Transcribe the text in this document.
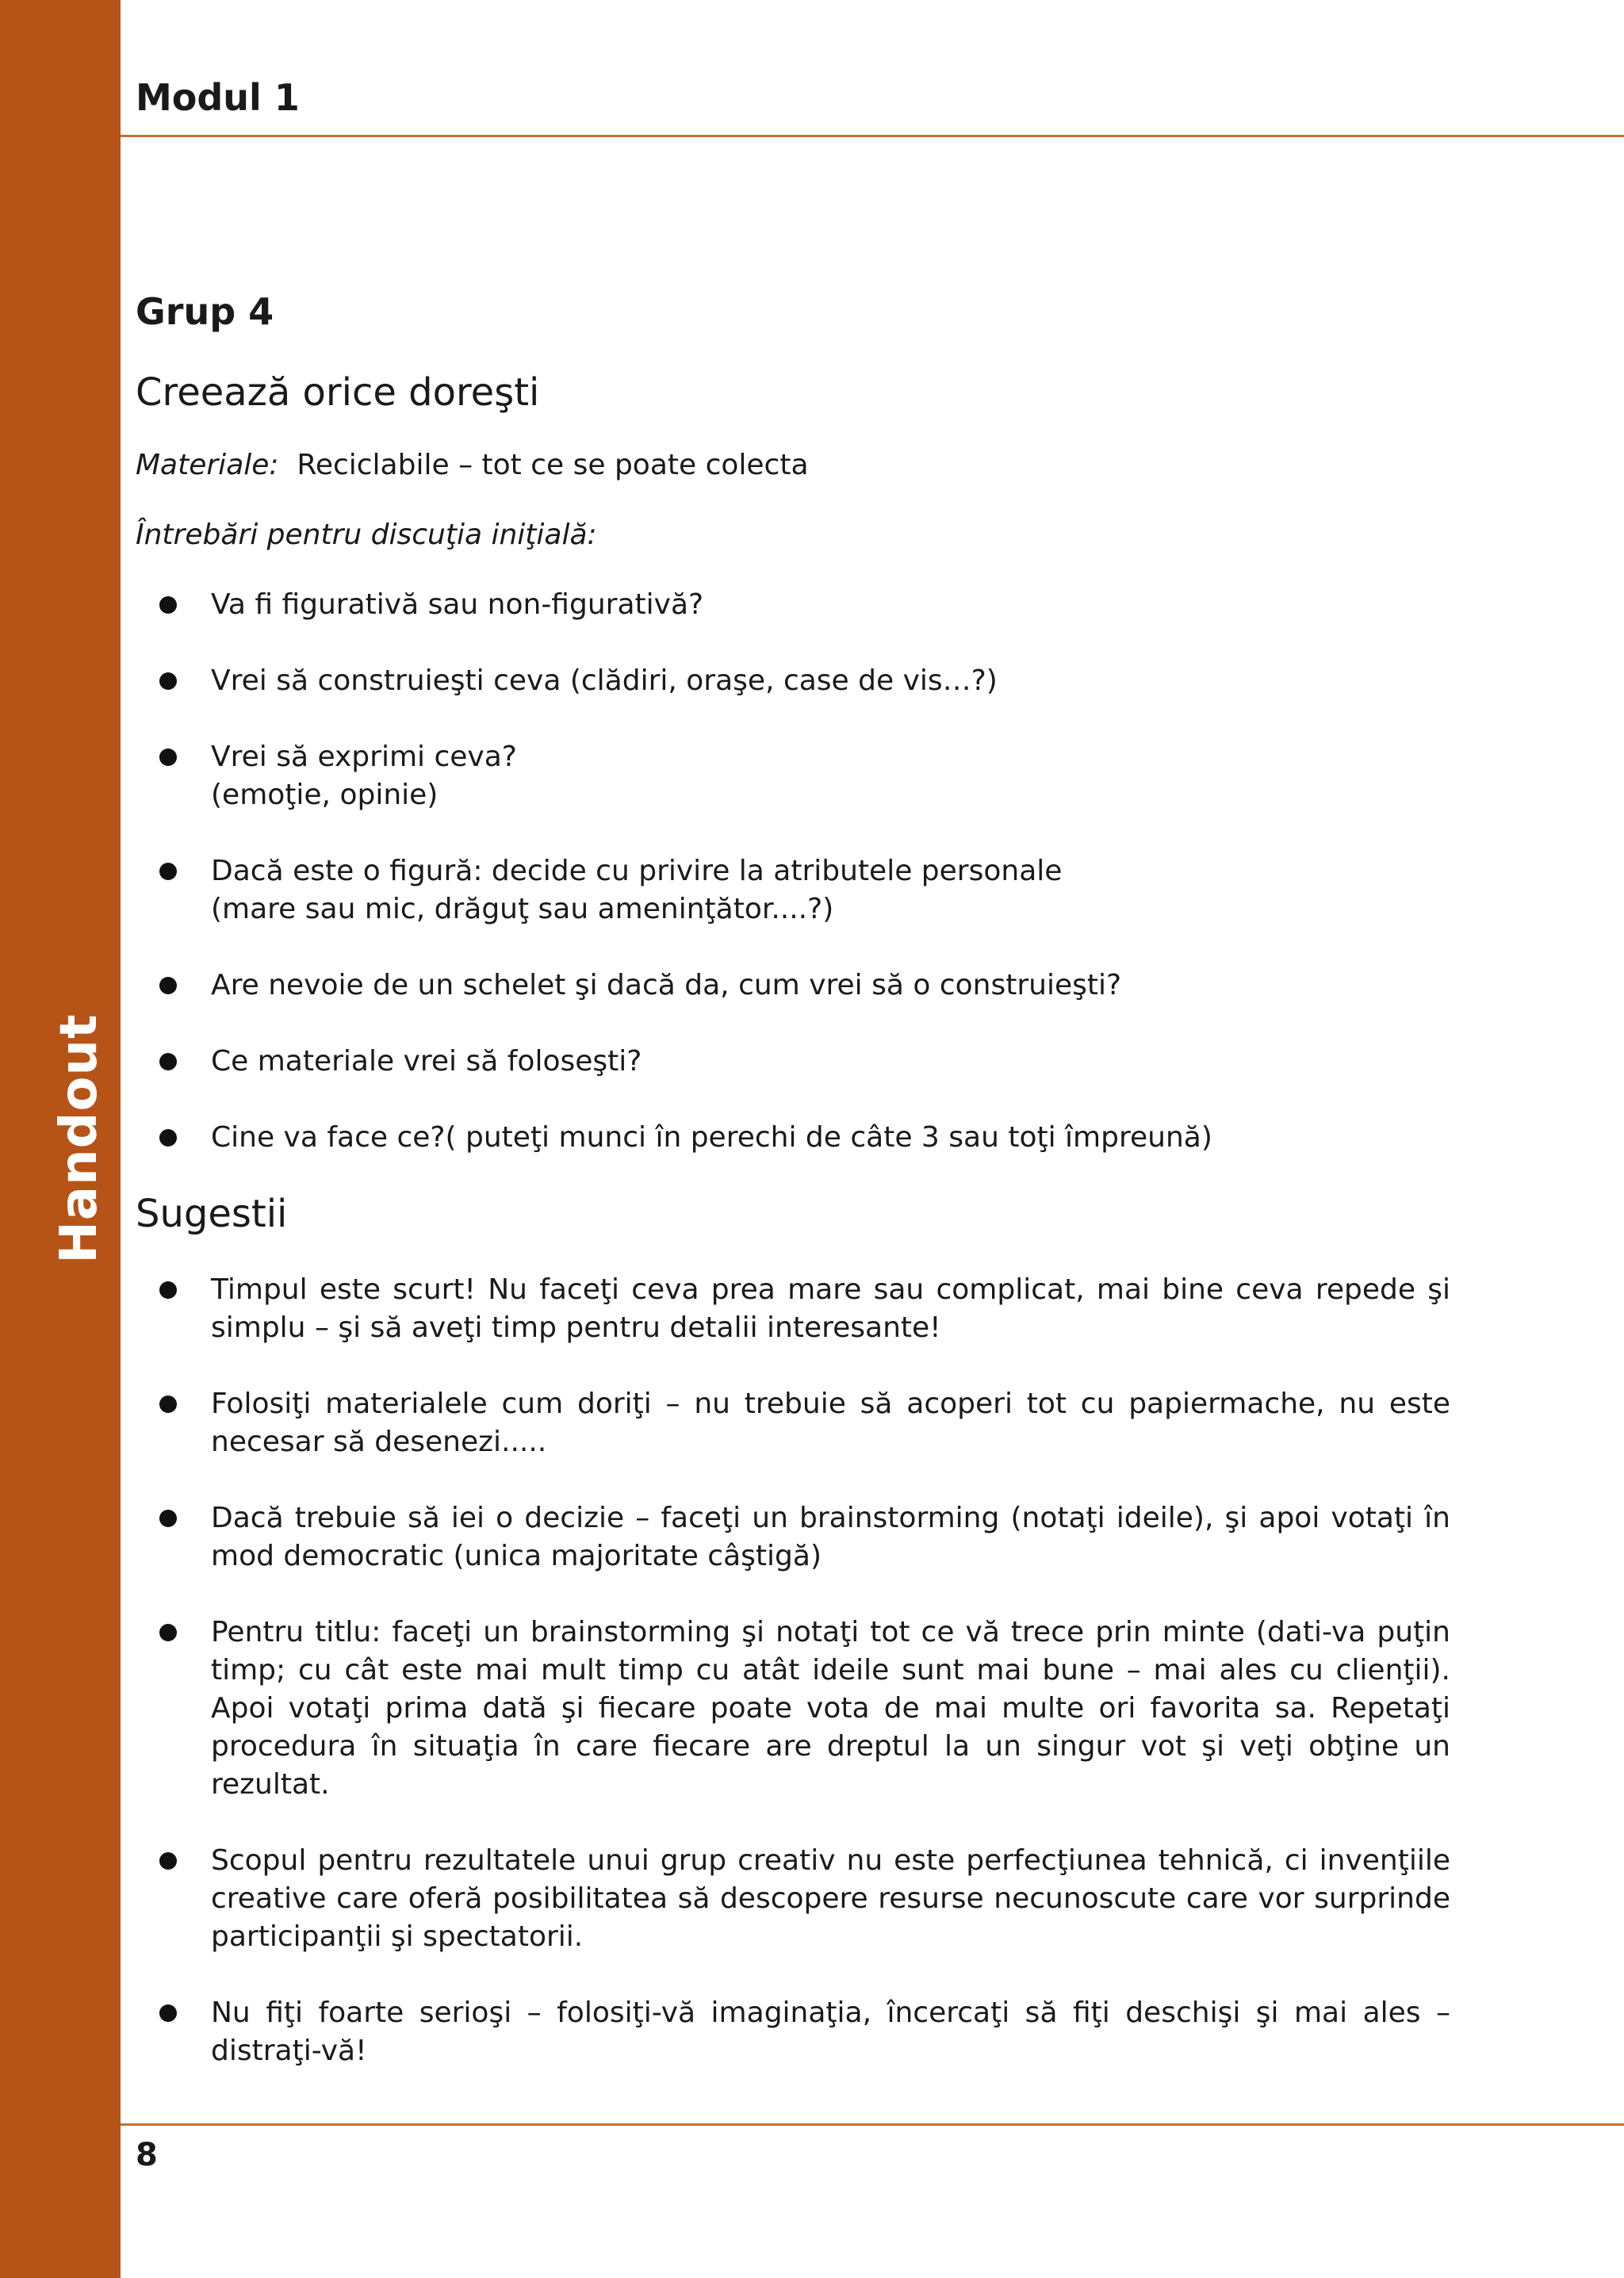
Handout
Modul 1
Grup 4
Creează orice doreşti
Materiale: Reciclabile – tot ce se poate colecta
Întrebări pentru discuţia iniţială:
Va fi figurativă sau non-figurativă?
Vrei să construieşti ceva (clădiri, oraşe, case de vis…?)
Vrei să exprimi ceva?
(emoţie, opinie)
Dacă este o figură: decide cu privire la atributele personale
(mare sau mic, drăguţ sau ameninţător....?)
Are nevoie de un schelet şi dacă da, cum vrei să o construieşti?
Ce materiale vrei să foloseşti?
Cine va face ce?( puteţi munci în perechi de câte 3 sau toţi împreună)
Sugestii
Timpul este scurt! Nu faceţi ceva prea mare sau complicat, mai bine ceva repede şi simplu – şi să aveţi timp pentru detalii interesante!
Folosiţi materialele cum doriţi – nu trebuie să acoperi tot cu papiermache, nu este necesar să desenezi.....
Dacă trebuie să iei o decizie – faceţi un brainstorming (notaţi ideile), şi apoi votaţi în mod democratic (unica majoritate câştigă)
Pentru titlu: faceţi un brainstorming şi notaţi tot ce vă trece prin minte (dati-va puţin timp; cu cât este mai mult timp cu atât ideile sunt mai bune – mai ales cu clienţii). Apoi votaţi prima dată şi fiecare poate vota de mai multe ori favorita sa. Repetaţi procedura în situaţia în care fiecare are dreptul la un singur vot şi veţi obţine un rezultat.
Scopul pentru rezultatele unui grup creativ nu este perfecţiunea tehnică, ci invenţiile creative care oferă posibilitatea să descopere resurse necunoscute care vor surprinde participanţii şi spectatorii.
Nu fiţi foarte serioşi – folosiţi-vă imaginaţia, încercaţi să fiţi deschişi şi mai ales – distraţi-vă!
8
